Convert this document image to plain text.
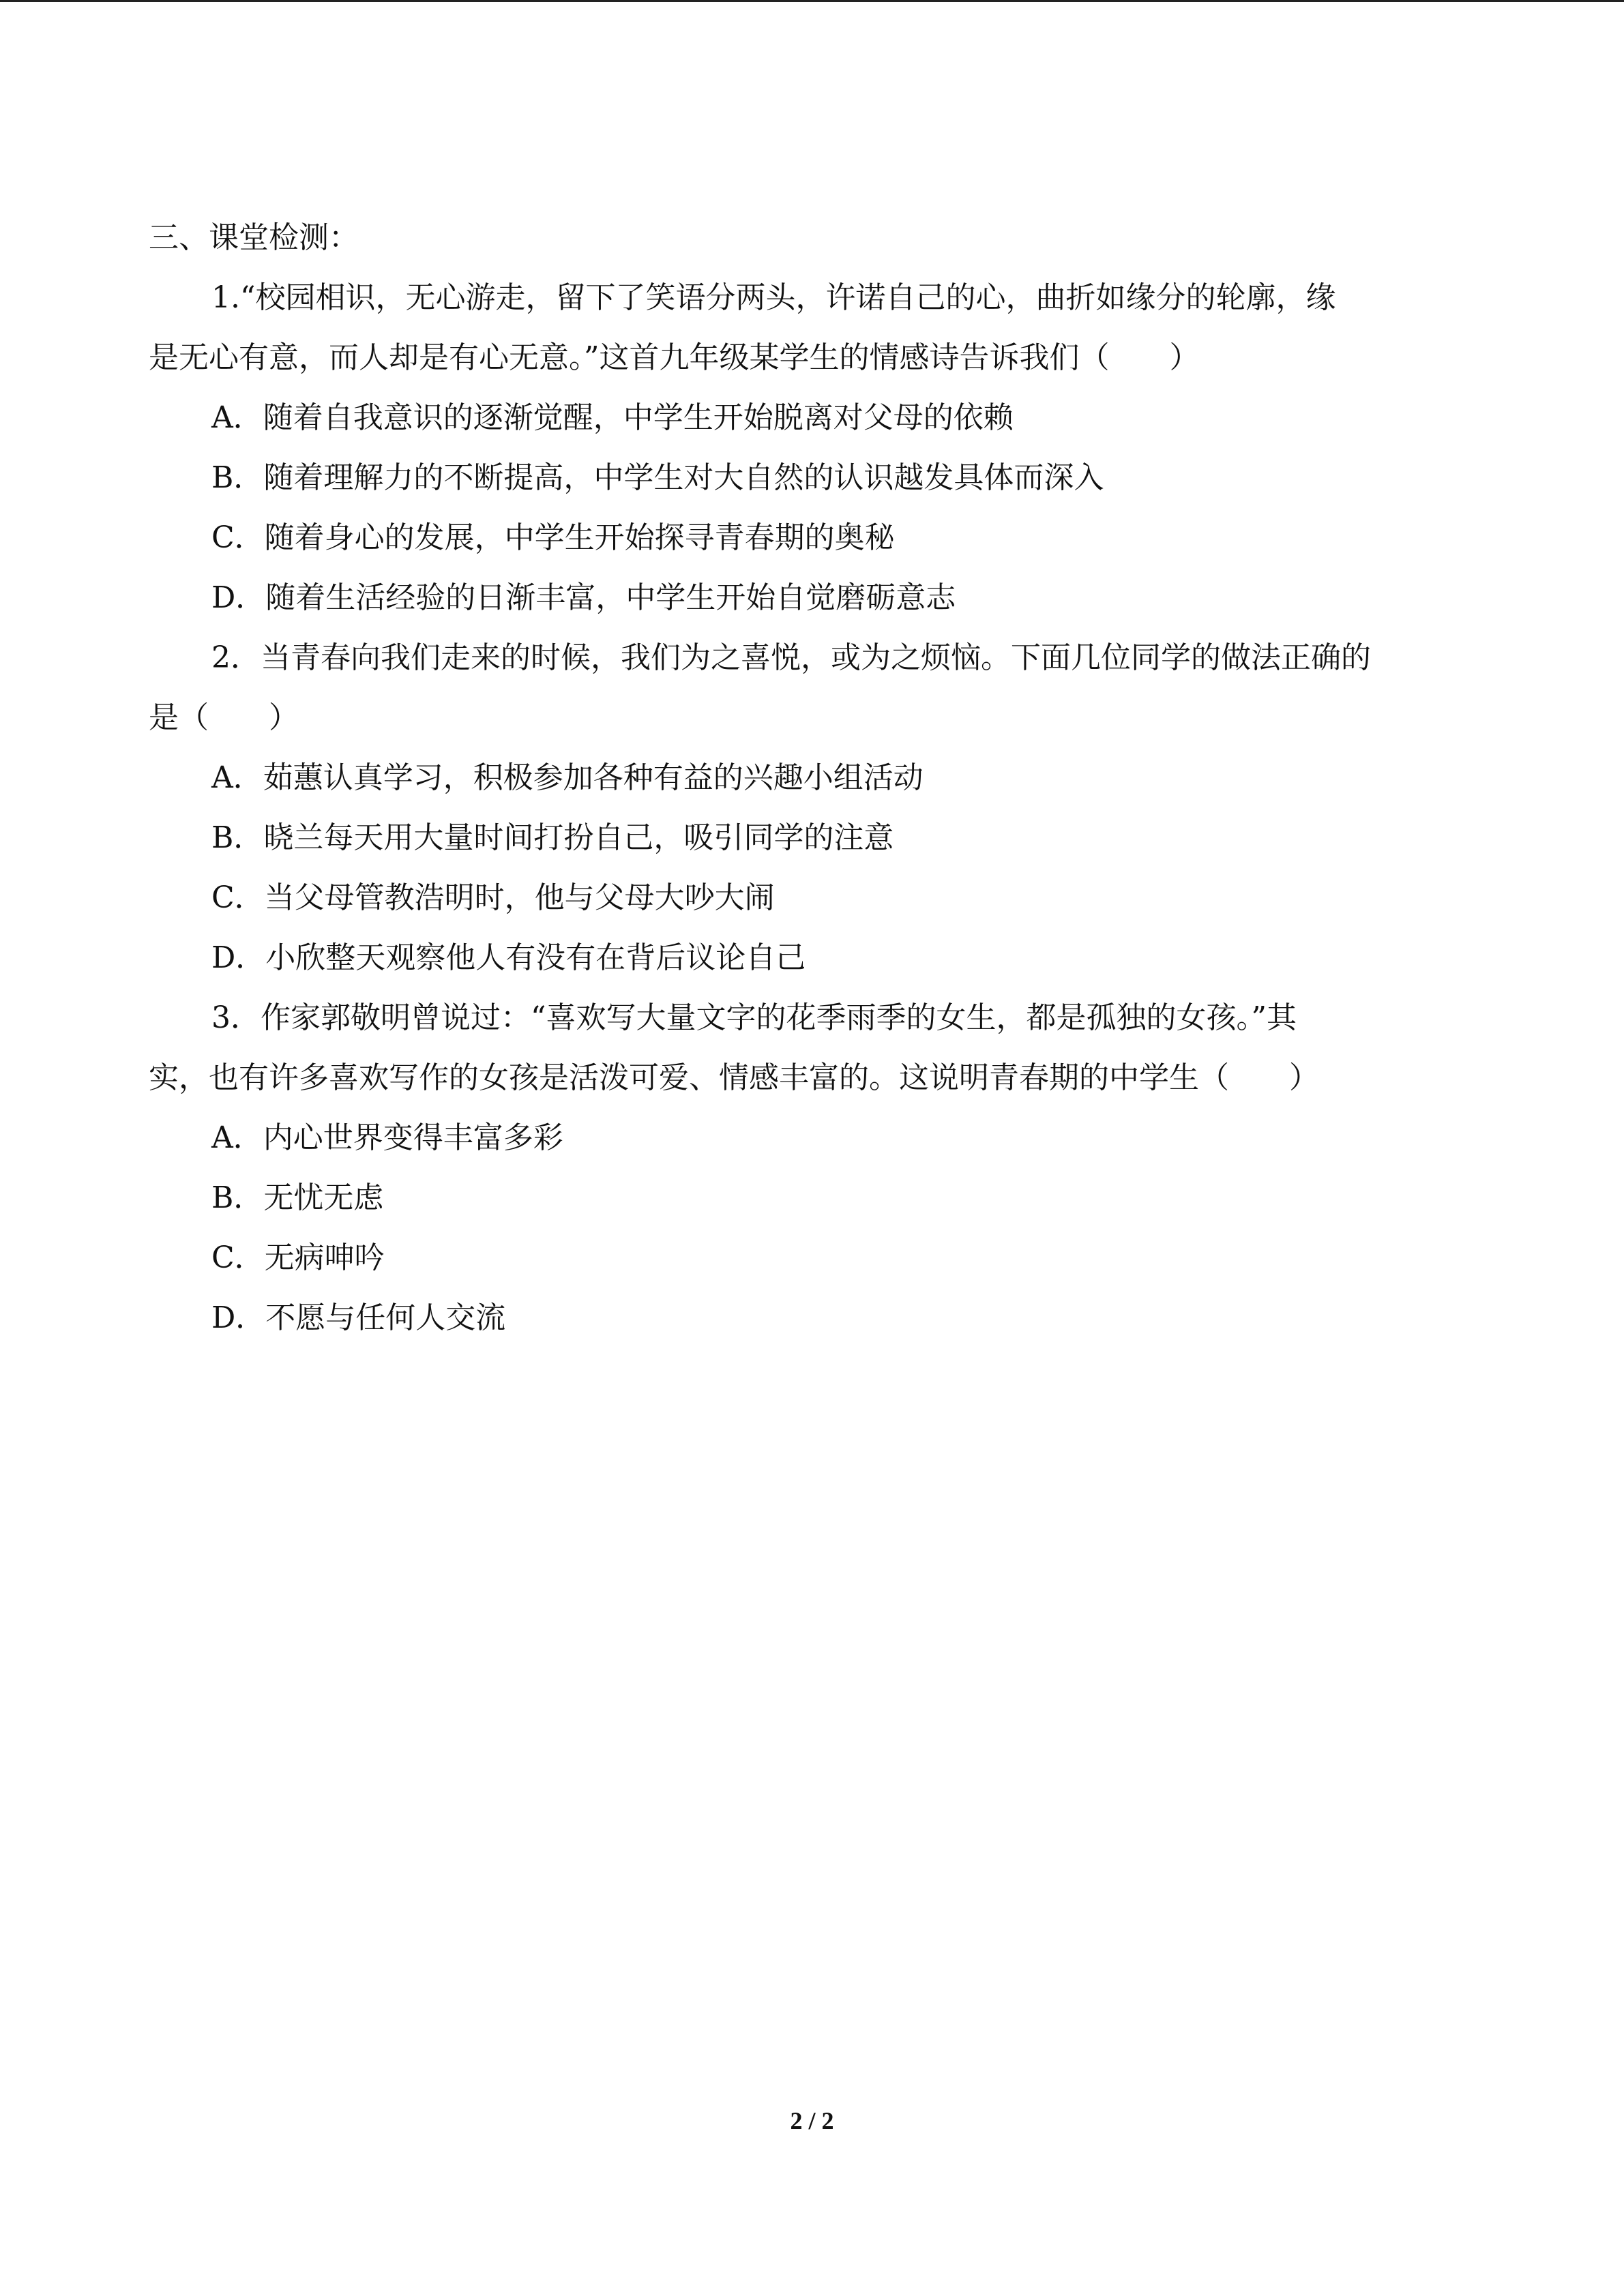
三、课堂检测：

1.“校园相识，无心游走，留下了笑语分两头，许诺自己的心，曲折如缘分的轮廓，缘

是无心有意，而人却是有心无意。”这首九年级某学生的情感诗告诉我们（　　）

A．随着自我意识的逐渐觉醒，中学生开始脱离对父母的依赖
B．随着理解力的不断提高，中学生对大自然的认识越发具体而深入
C．随着身心的发展，中学生开始探寻青春期的奥秘
D．随着生活经验的日渐丰富，中学生开始自觉磨砺意志

2．当青春向我们走来的时候，我们为之喜悦，或为之烦恼。下面几位同学的做法正确的

是（　　）

A．茹蕙认真学习，积极参加各种有益的兴趣小组活动
B．晓兰每天用大量时间打扮自己，吸引同学的注意
C．当父母管教浩明时，他与父母大吵大闹
D．小欣整天观察他人有没有在背后议论自己

3．作家郭敬明曾说过：“喜欢写大量文字的花季雨季的女生，都是孤独的女孩。”其

实，也有许多喜欢写作的女孩是活泼可爱、情感丰富的。这说明青春期的中学生（　　）

A．内心世界变得丰富多彩
B．无忧无虑
C．无病呻吟
D．不愿与任何人交流
2 / 2
